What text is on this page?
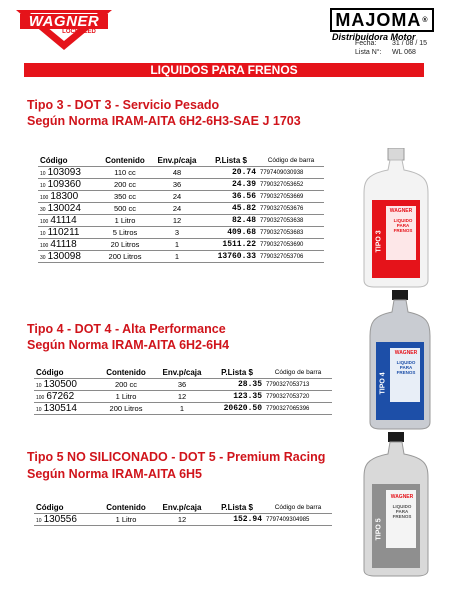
WAGNER
LOCKHEED
MAJOMA ®
Distribuidora Motor
Fecha: 31 / 08 / 15
Lista N°: WL 068
LIQUIDOS PARA FRENOS
Tipo 3 - DOT 3 - Servicio Pesado
Según Norma IRAM-AITA 6H2-6H3-SAE J 1703
Código	Contenido	Env.p/caja	P.Lista $	Código de barra
10 103093	110 cc	48	20.74	7797409030938
10 109360	200 cc	36	24.39	7790327053652
100 18300	350 cc	24	36.56	7790327053669
30 130024	500 cc	24	45.82	7790327053676
100 41114	1 Litro	12	82.48	7790327053638
10 110211	5 Litros	3	409.68	7790327053683
100 41118	20 Litros	1	1511.22	7790327053690
30 130098	200 Litros	1	13760.33	7790327053706
Tipo 4 - DOT 4 - Alta Performance
Según Norma IRAM-AITA 6H2-6H4
Código	Contenido	Env.p/caja	P.Lista $	Código de barra
10 130500	200 cc	36	28.35	7790327053713
100 67262	1 Litro	12	123.35	7790327053720
10 130514	200 Litros	1	20620.50	7790327065396
Tipo 5 NO SILICONADO - DOT 5 - Premium Racing
Según Norma IRAM-AITA 6H5
Código	Contenido	Env.p/caja	P.Lista $	Código de barra
10 130556	1 Litro	12	152.94	7797409304985
LIQUIDO PARA FRENOS
TIPO 3
WAGNER
LIQUIDO PARA FRENOS
TIPO 4
WAGNER
LIQUIDO PARA FRENOS
TIPO 5
WAGNER
